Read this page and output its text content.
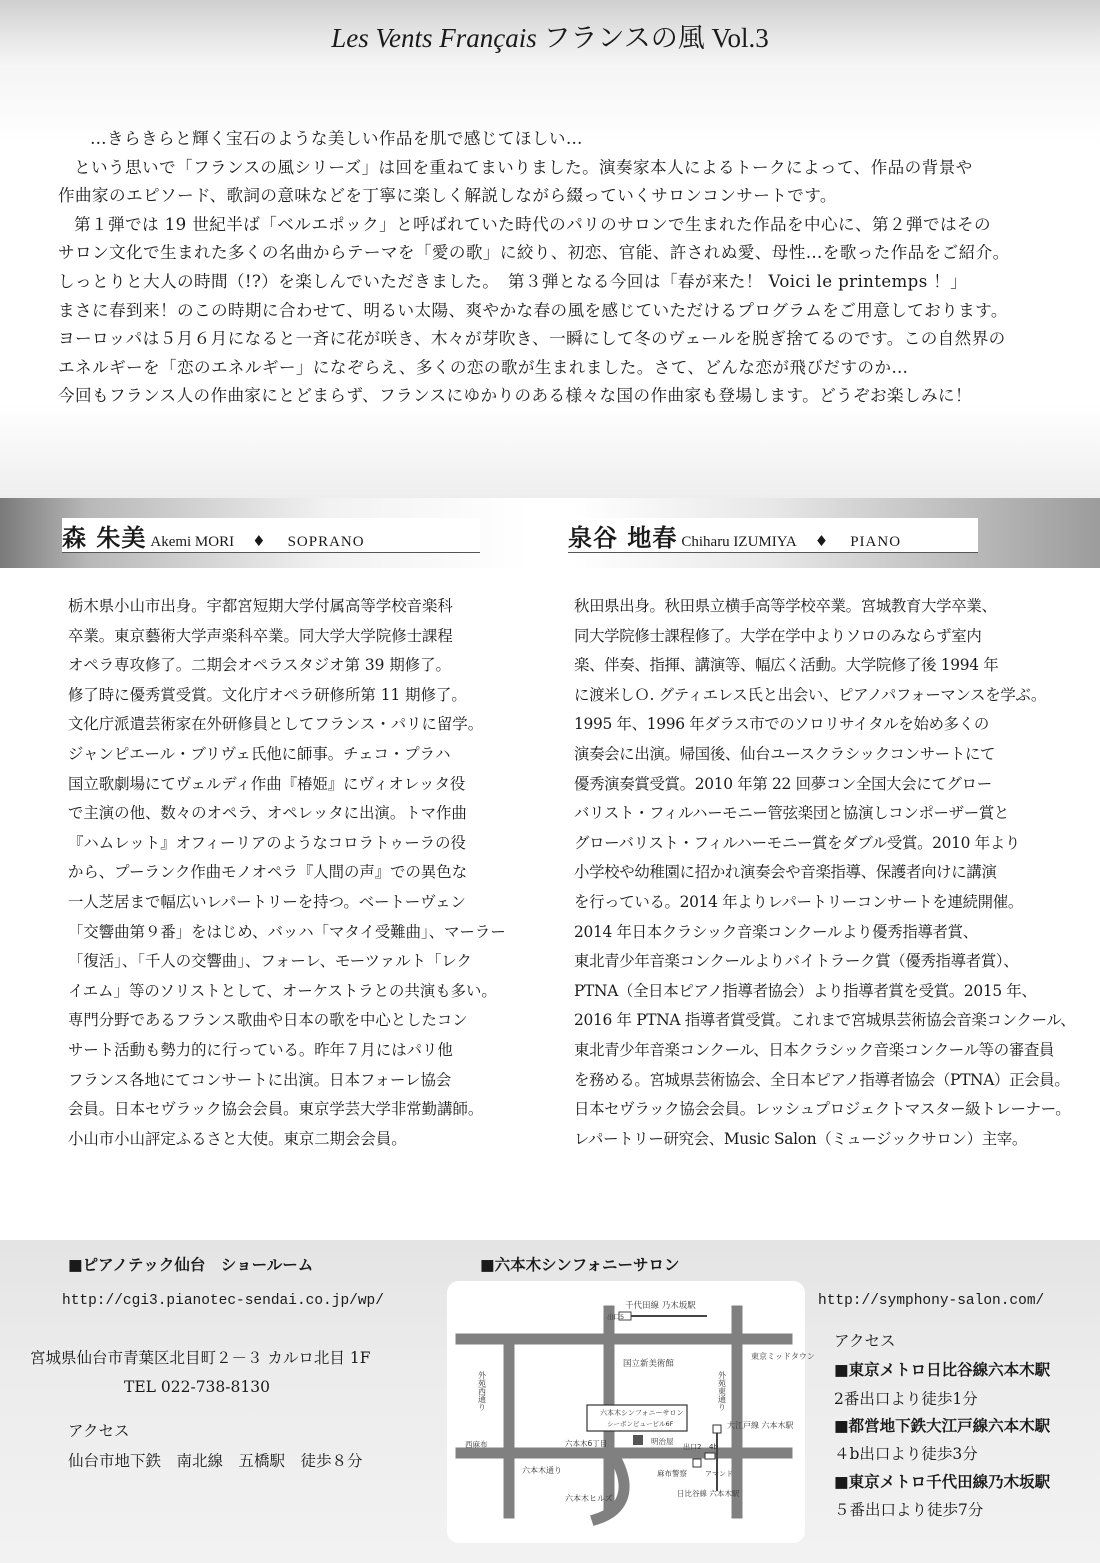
Les Vents Français フランスの風 Vol.3

…きらきらと輝く宝石のような美しい作品を肌で感じてほしい…

という思いで「フランスの風シリーズ」は回を重ねてまいりました。演奏家本人によるトークによって、作品の背景や

作曲家のエピソード、歌詞の意味などを丁寧に楽しく解説しながら綴っていくサロンコンサートです。

第１弾では 19 世紀半ば「ベルエポック」と呼ばれていた時代のパリのサロンで生まれた作品を中心に、第２弾ではその

サロン文化で生まれた多くの名曲からテーマを「愛の歌」に絞り、初恋、官能、許されぬ愛、母性…を歌った作品をご紹介。

しっとりと大人の時間（!?）を楽しんでいただきました。　第３弾となる今回は「春が来た！ Voici le printemps ！」

まさに春到来！のこの時期に合わせて、明るい太陽、爽やかな春の風を感じていただけるプログラムをご用意しております。

ヨーロッパは５月６月になると一斉に花が咲き、木々が芽吹き、一瞬にして冬のヴェールを脱ぎ捨てるのです。この自然界の

エネルギーを「恋のエネルギー」になぞらえ、多くの恋の歌が生まれました。さて、どんな恋が飛びだすのか…

今回もフランス人の作曲家にとどまらず、フランスにゆかりのある様々な国の作曲家も登場します。どうぞお楽しみに！

森 朱美 Akemi MORI ♦ SOPRANO	泉谷 地春 Chiharu IZUMIYA ♦ PIANO

栃木県小山市出身。宇都宮短期大学付属高等学校音楽科

卒業。東京藝術大学声楽科卒業。同大学大学院修士課程

オペラ専攻修了。二期会オペラスタジオ第 39 期修了。

修了時に優秀賞受賞。文化庁オペラ研修所第 11 期修了。

文化庁派遣芸術家在外研修員としてフランス・パリに留学。

ジャンピエール・ブリヴェ氏他に師事。チェコ・プラハ

国立歌劇場にてヴェルディ作曲『椿姫』にヴィオレッタ役

で主演の他、数々のオペラ、オペレッタに出演。トマ作曲

『ハムレット』オフィーリアのようなコロラトゥーラの役

から、プーランク作曲モノオペラ『人間の声』での異色な

一人芝居まで幅広いレパートリーを持つ。ベートーヴェン

「交響曲第９番」をはじめ、バッハ「マタイ受難曲」、マーラー

「復活」、「千人の交響曲」、フォーレ、モーツァルト「レク

イエム」等のソリストとして、オーケストラとの共演も多い。

専門分野であるフランス歌曲や日本の歌を中心としたコン

サート活動も勢力的に行っている。昨年７月にはパリ他

フランス各地にてコンサートに出演。日本フォーレ協会

会員。日本セヴラック協会会員。東京学芸大学非常勤講師。

小山市小山評定ふるさと大使。東京二期会会員。

秋田県出身。秋田県立横手高等学校卒業。宮城教育大学卒業、

同大学院修士課程修了。大学在学中よりソロのみならず室内

楽、伴奏、指揮、講演等、幅広く活動。大学院修了後 1994 年

に渡米しＯ. グティエレス氏と出会い、ピアノパフォーマンスを学ぶ。

1995 年、1996 年ダラス市でのソロリサイタルを始め多くの

演奏会に出演。帰国後、仙台ユースクラシックコンサートにて

優秀演奏賞受賞。2010 年第 22 回夢コン全国大会にてグロー

バリスト・フィルハーモニー管弦楽団と協演しコンポーザー賞と

グローバリスト・フィルハーモニー賞をダブル受賞。2010 年より

小学校や幼稚園に招かれ演奏会や音楽指導、保護者向けに講演

を行っている。2014 年よりレパートリーコンサートを連続開催。

2014 年日本クラシック音楽コンクールより優秀指導者賞、

東北青少年音楽コンクールよりバイトラーク賞（優秀指導者賞）、

PTNA（全日本ピアノ指導者協会）より指導者賞を受賞。2015 年、

2016 年 PTNA 指導者賞受賞。これまで宮城県芸術協会音楽コンクール、

東北青少年音楽コンクール、日本クラシック音楽コンクール等の審査員

を務める。宮城県芸術協会、全日本ピアノ指導者協会（PTNA）正会員。

日本セヴラック協会会員。レッシュプロジェクトマスター級トレーナー。

レパートリー研究会、Music Salon（ミュージックサロン）主宰。

■ピアノテック仙台　ショールーム
http://cgi3.pianotec-sendai.co.jp/wp/
宮城県仙台市青葉区北目町２－３ カルロ北目 1F
TEL 022-738-8130
アクセス
仙台市地下鉄　南北線　五橋駅　徒歩８分
■六本木シンフォニーサロン
http://symphony-salon.com/
アクセス
■東京メトロ日比谷線六本木駅
2番出口より徒歩1分
■都営地下鉄大江戸線六本木駅
４b出口より徒歩3分
■東京メトロ千代田線乃木坂駅
５番出口より徒歩7分
千代田線 乃木坂駅
出口5
国立新美術館
東京ミッドタウン
六本木シンフォニーサロン
シーボンビュービル6F	大江戸線 六本木駅
西麻布	六本木6丁目	明治屋
出口2 4b
六本木通り	麻布警察	アマンド
六本木ヒルズ
日比谷線 六本木駅
外苑西通り	外苑東通り
